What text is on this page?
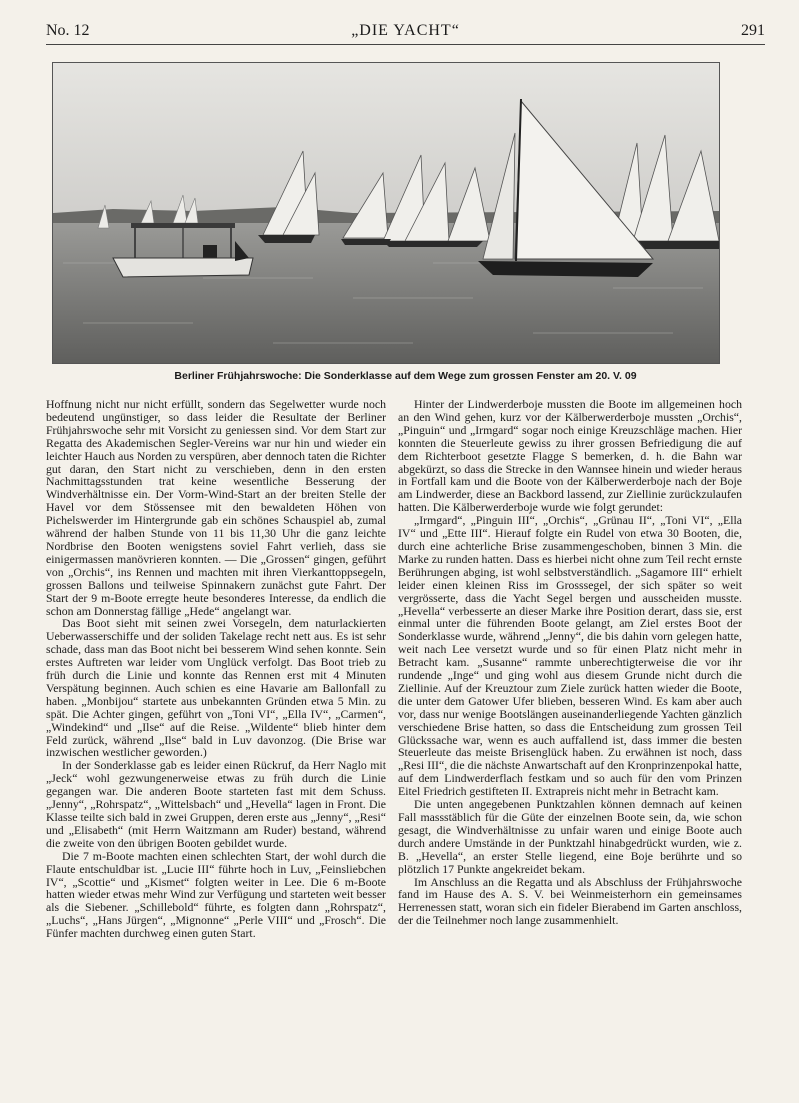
No. 12	„DIE YACHT“	291
Berliner Frühjahrswoche: Die Sonderklasse auf dem Wege zum grossen Fenster am 20. V. 09

Hoffnung nicht nur nicht erfüllt, sondern das Segelwetter wurde noch bedeutend ungünstiger, so dass leider die Resultate der Berliner Frühjahrswoche sehr mit Vorsicht zu geniessen sind. Vor dem Start zur Regatta des Akademischen Segler-Vereins war nur hin und wieder ein leichter Hauch aus Norden zu verspüren, aber dennoch taten die Richter gut daran, den Start nicht zu verschieben, denn in den ersten Nachmittagsstunden trat keine wesentliche Besserung der Windverhältnisse ein. Der Vorm-Wind-Start an der breiten Stelle der Havel vor dem Stössensee mit den bewaldeten Höhen von Pichelswerder im Hintergrunde gab ein schönes Schauspiel ab, zumal während der halben Stunde von 11 bis 11,30 Uhr die ganz leichte Nordbrise den Booten wenigstens soviel Fahrt verlieh, dass sie einigermassen manövrieren konnten. — Die „Grossen“ gingen, geführt von „Orchis“, ins Rennen und machten mit ihren Vierkanttoppsegeln, grossen Ballons und teilweise Spinnakern zunächst gute Fahrt. Der Start der 9 m-Boote erregte heute besonderes Interesse, da endlich die schon am Donnerstag fällige „Hede“ angelangt war.

Das Boot sieht mit seinen zwei Vorsegeln, dem naturlackierten Ueberwasserschiffe und der soliden Takelage recht nett aus. Es ist sehr schade, dass man das Boot nicht bei besserem Wind sehen konnte. Sein erstes Auftreten war leider vom Unglück verfolgt. Das Boot trieb zu früh durch die Linie und konnte das Rennen erst mit 4 Minuten Verspätung beginnen. Auch schien es eine Havarie am Ballonfall zu haben. „Monbijou“ startete aus unbekannten Gründen etwa 5 Min. zu spät. Die Achter gingen, geführt von „Toni VI“, „Ella IV“, „Carmen“, „Windekind“ und „Ilse“ auf die Reise. „Wildente“ blieb hinter dem Feld zurück, während „Ilse“ bald in Luv davonzog. (Die Brise war inzwischen westlicher geworden.)

In der Sonderklasse gab es leider einen Rückruf, da Herr Naglo mit „Jeck“ wohl gezwungenerweise etwas zu früh durch die Linie gegangen war. Die anderen Boote starteten fast mit dem Schuss. „Jenny“, „Rohrspatz“, „Wittelsbach“ und „Hevella“ lagen in Front. Die Klasse teilte sich bald in zwei Gruppen, deren erste aus „Jenny“, „Resi“ und „Elisabeth“ (mit Herrn Waitzmann am Ruder) bestand, während die zweite von den übrigen Booten gebildet wurde.

Die 7 m-Boote machten einen schlechten Start, der wohl durch die Flaute entschuldbar ist. „Lucie III“ führte hoch in Luv, „Feinsliebchen IV“, „Scottie“ und „Kismet“ folgten weiter in Lee. Die 6 m-Boote hatten wieder etwas mehr Wind zur Verfügung und starteten weit besser als die Siebener. „Schillebold“ führte, es folgten dann „Rohrspatz“, „Luchs“, „Hans Jürgen“, „Mignonne“ „Perle VIII“ und „Frosch“. Die Fünfer machten durchweg einen guten Start.

Hinter der Lindwerderboje mussten die Boote im allgemeinen hoch an den Wind gehen, kurz vor der Kälberwerderboje mussten „Orchis“, „Pinguin“ und „Irmgard“ sogar noch einige Kreuzschläge machen. Hier konnten die Steuerleute gewiss zu ihrer grossen Befriedigung die auf dem Richterboot gesetzte Flagge S bemerken, d. h. die Bahn war abgekürzt, so dass die Strecke in den Wannsee hinein und wieder heraus in Fortfall kam und die Boote von der Kälberwerderboje nach der Boje am Lindwerder, diese an Backbord lassend, zur Ziellinie zurückzulaufen hatten. Die Kälberwerderboje wurde wie folgt gerundet:

„Irmgard“, „Pinguin III“, „Orchis“, „Grünau II“, „Toni VI“, „Ella IV“ und „Ette III“. Hierauf folgte ein Rudel von etwa 30 Booten, die, durch eine achterliche Brise zusammengeschoben, binnen 3 Min. die Marke zu runden hatten. Dass es hierbei nicht ohne zum Teil recht ernste Berührungen abging, ist wohl selbstverständlich. „Sagamore III“ erhielt leider einen kleinen Riss im Grosssegel, der sich später so weit vergrösserte, dass die Yacht Segel bergen und ausscheiden musste. „Hevella“ verbesserte an dieser Marke ihre Position derart, dass sie, erst einmal unter die führenden Boote gelangt, am Ziel erstes Boot der Sonderklasse wurde, während „Jenny“, die bis dahin vorn gelegen hatte, weit nach Lee versetzt wurde und so für einen Platz nicht mehr in Betracht kam. „Susanne“ rammte unberechtigterweise die vor ihr rundende „Inge“ und ging wohl aus diesem Grunde nicht durch die Ziellinie. Auf der Kreuztour zum Ziele zurück hatten wieder die Boote, die unter dem Gatower Ufer blieben, besseren Wind. Es kam aber auch vor, dass nur wenige Bootslängen auseinanderliegende Yachten gänzlich verschiedene Brise hatten, so dass die Entscheidung zum grossen Teil Glückssache war, wenn es auch auffallend ist, dass immer die besten Steuerleute das meiste Brisenglück haben. Zu erwähnen ist noch, dass „Resi III“, die die nächste Anwartschaft auf den Kronprinzenpokal hatte, auf dem Lindwerderflach festkam und so auch für den vom Prinzen Eitel Friedrich gestifteten II. Extrapreis nicht mehr in Betracht kam.

Die unten angegebenen Punktzahlen können demnach auf keinen Fall massstäblich für die Güte der einzelnen Boote sein, da, wie schon gesagt, die Windverhältnisse zu unfair waren und einige Boote auch durch andere Umstände in der Punktzahl hinabgedrückt wurden, wie z. B. „Hevella“, an erster Stelle liegend, eine Boje berührte und so plötzlich 17 Punkte angekreidet bekam.

Im Anschluss an die Regatta und als Abschluss der Frühjahrswoche fand im Hause des A. S. V. bei Weinmeisterhorn ein gemeinsames Herrenessen statt, woran sich ein fideler Bierabend im Garten anschloss, der die Teilnehmer noch lange zusammenhielt.
